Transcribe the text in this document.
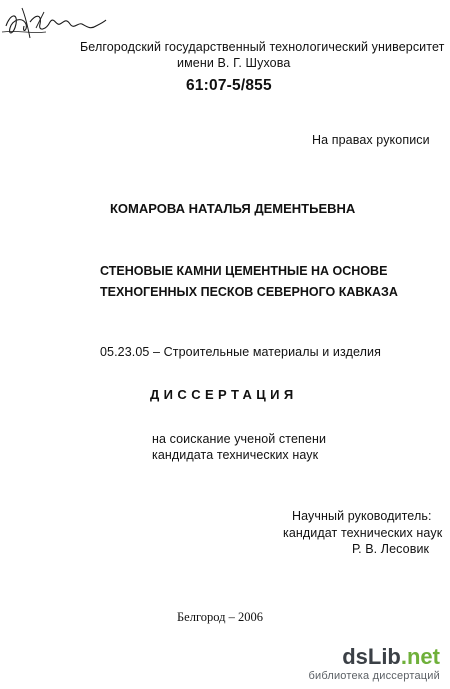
Белгородский государственный технологический университет
имени В. Г. Шухова
61:07-5/855
На правах рукописи
КОМАРОВА НАТАЛЬЯ ДЕМЕНТЬЕВНА
СТЕНОВЫЕ КАМНИ ЦЕМЕНТНЫЕ НА ОСНОВЕ
ТЕХНОГЕННЫХ ПЕСКОВ СЕВЕРНОГО КАВКАЗА
05.23.05 – Строительные материалы и изделия
ДИССЕРТАЦИЯ
на соискание ученой степени
кандидата технических наук
Научный руководитель:
кандидат технических наук
Р. В. Лесовик
Белгород – 2006
dsLib.net
библиотека диссертаций
